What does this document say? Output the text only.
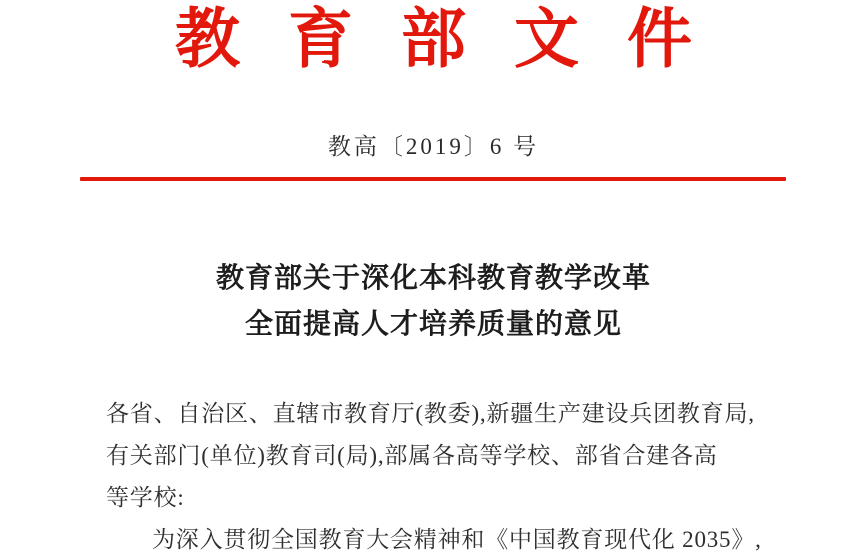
教育部文件
教高〔2019〕6 号
教育部关于深化本科教育教学改革
全面提高人才培养质量的意见
各省、自治区、直辖市教育厅(教委),新疆生产建设兵团教育局,
有关部门(单位)教育司(局),部属各高等学校、部省合建各高
等学校:
为深入贯彻全国教育大会精神和《中国教育现代化 2035》,
